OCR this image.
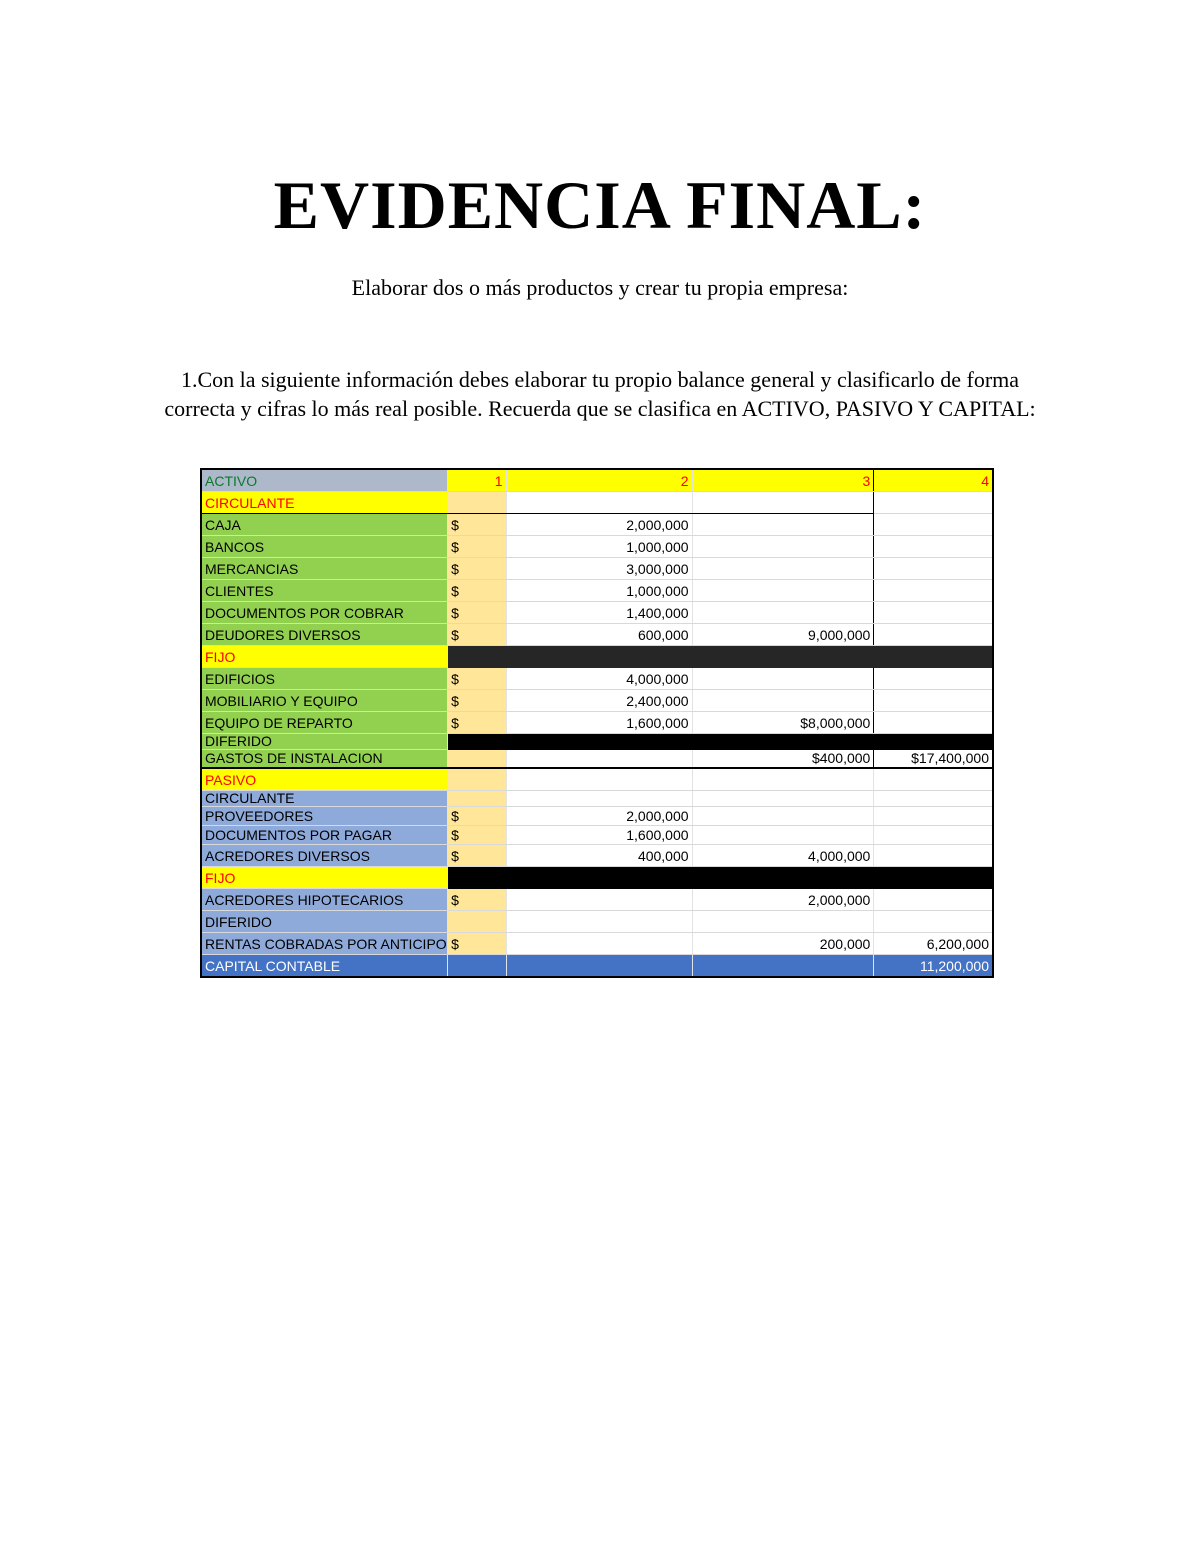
EVIDENCIA FINAL:
Elaborar dos o más productos y crear tu propia empresa:
1.Con la siguiente información debes elaborar tu propio balance general y clasificarlo de forma correcta y cifras lo más real posible. Recuerda que se clasifica en ACTIVO, PASIVO Y CAPITAL:
ACTIVO	1	2	3	4
CIRCULANTE				
CAJA	$	2,000,000		
BANCOS	$	1,000,000		
MERCANCIAS	$	3,000,000		
CLIENTES	$	1,000,000		
DOCUMENTOS POR COBRAR	$	1,400,000		
DEUDORES DIVERSOS	$	600,000	9,000,000	
FIJO				
EDIFICIOS	$	4,000,000		
MOBILIARIO Y EQUIPO	$	2,400,000		
EQUIPO DE REPARTO	$	1,600,000	$8,000,000	
DIFERIDO				
GASTOS DE INSTALACION			$400,000	$17,400,000
PASIVO				
CIRCULANTE				
PROVEEDORES	$	2,000,000		
DOCUMENTOS POR PAGAR	$	1,600,000		
ACREDORES DIVERSOS	$	400,000	4,000,000	
FIJO				
ACREDORES HIPOTECARIOS	$		2,000,000	
DIFERIDO				
RENTAS COBRADAS POR ANTICIPO	$		200,000	6,200,000
CAPITAL CONTABLE				11,200,000
